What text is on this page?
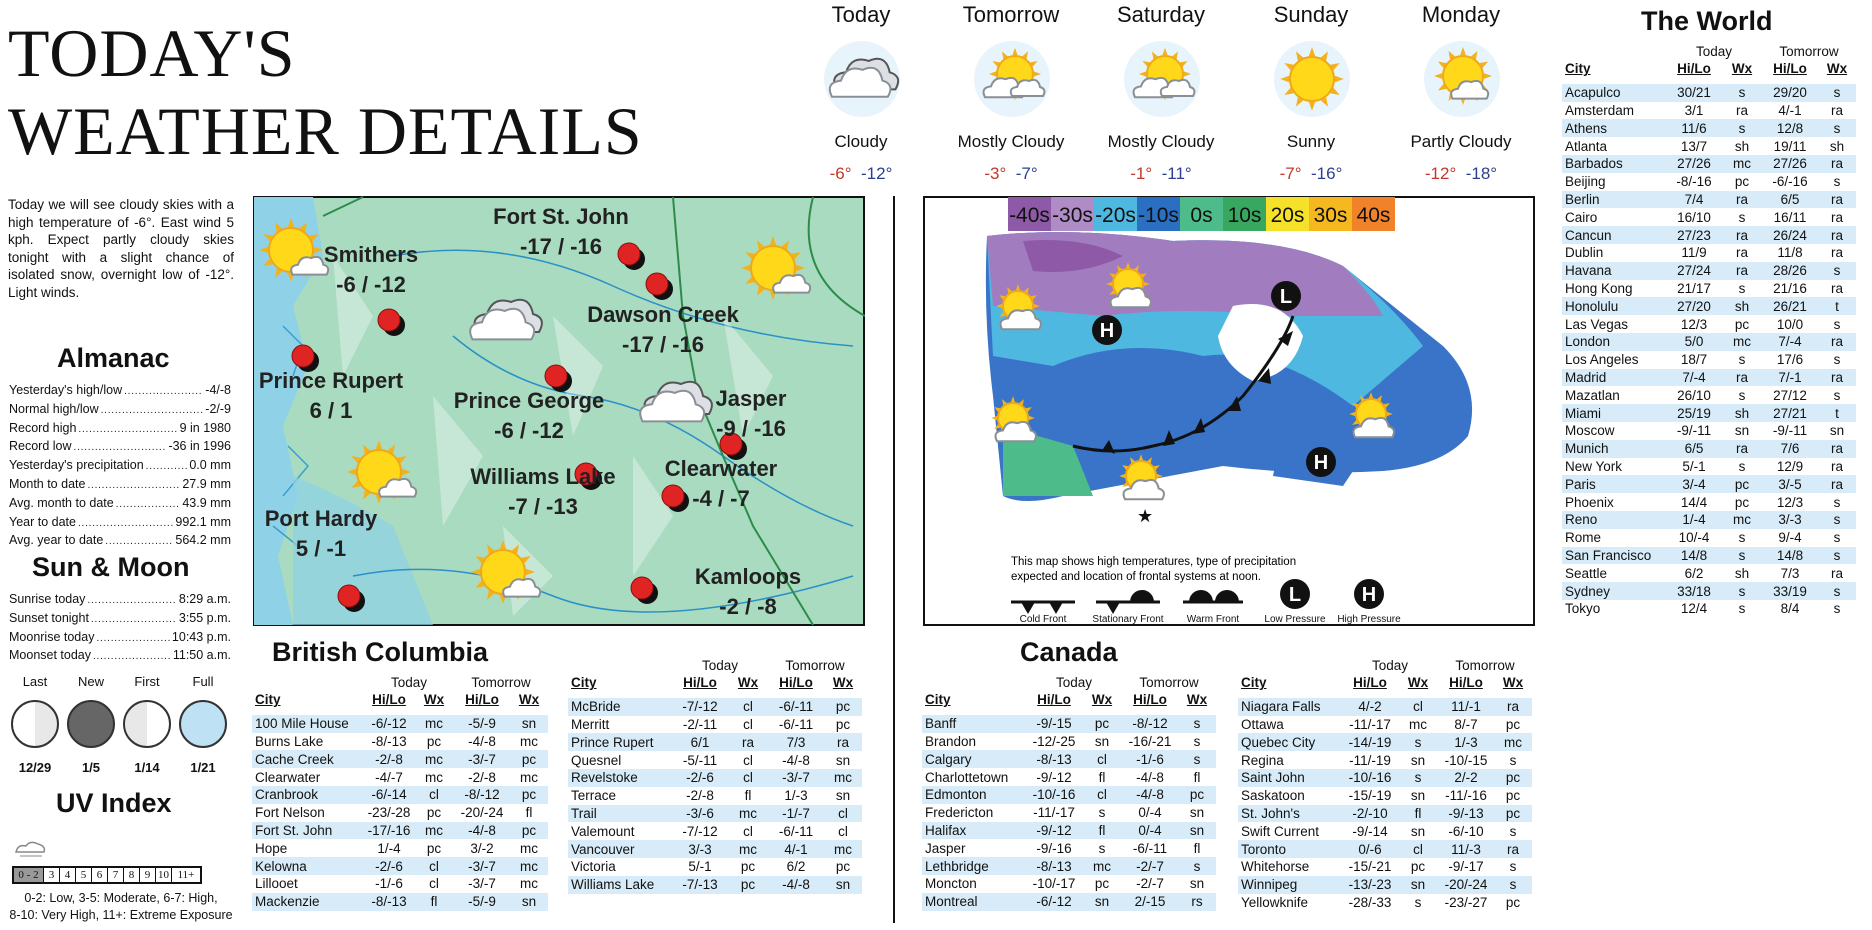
TODAY'S
WEATHER DETAILS
Today we will see cloudy skies with a high temperature of -6°. East wind 5 kph. Expect partly cloudy skies tonight with a slight chance of isolated snow, overnight low of -12°. Light winds.
Almanac
Yesterday's high/low . . .	-4/-8
Normal high/low . . .	-2/-9
Record high . . .	9 in 1980
Record low . . .	-36 in 1996
Yesterday's precipitation . . .	0.0 mm
Month to date . . .	27.9 mm
Avg. month to date . . .	43.9 mm
Year to date . . .	992.1 mm
Avg. year to date . . .	564.2 mm
Sun & Moon
Sunrise today . . .	8:29 a.m.
Sunset tonight . . .	3:55 p.m.
Moonrise today . . .	10:43 p.m.
Moonset today . . .	11:50 a.m.
Last
12/29
New
1/5
First
1/14
Full
1/21
UV Index
0 - 2 3 4 5 6 7 8 9 10 11+
0-2: Low, 3-5: Moderate, 6-7: High,
8-10: Very High, 11+: Extreme Exposure
Today
Cloudy
-6° -12°
Tomorrow
Mostly Cloudy
-3° -7°
Saturday
Mostly Cloudy
-1° -11°
Sunday
Sunny
-7° -16°
Monday
Partly Cloudy
-12° -18°
Fort St. John
-17 / -16
Smithers
-6 / -12
Dawson Creek
-17 / -16
Prince Rupert
6 / 1	Prince George
-6 / -12
Jasper
-9 / -16
Williams Lake
-7 / -13
Clearwater
-4 / -7
Port Hardy
5 / -1
Kamloops
-2 / -8
-40s -30s -20s -10s 0s 10s 20s 30s 40s
H
L
H
★
This map shows high temperatures, type of precipitation
expected and location of frontal systems at noon.
Cold Front	Stationary Front Warm Front
L
Low Pressure
H
High Pressure
British Columbia
	Today		Tomorrow	
City	Hi/Lo	Wx	Hi/Lo	Wx

100 Mile House	-6/-12	mc	-5/-9	sn
Burns Lake	-8/-13	pc	-4/-8	mc
Cache Creek	-2/-8	mc	-3/-7	pc
Clearwater	-4/-7	mc	-2/-8	mc
Cranbrook	-6/-14	cl	-8/-12	pc
Fort Nelson	-23/-28	pc	-20/-24	fl
Fort St. John	-17/-16	mc	-4/-8	pc
Hope	1/-4	pc	3/-2	mc
Kelowna	-2/-6	cl	-3/-7	mc
Lillooet	-1/-6	cl	-3/-7	mc
Mackenzie	-8/-13	fl	-5/-9	sn
	Today		Tomorrow	
City	Hi/Lo	Wx	Hi/Lo	Wx

McBride	-7/-12	cl	-6/-11	pc
Merritt	-2/-11	cl	-6/-11	pc
Prince Rupert	6/1	ra	7/3	ra
Quesnel	-5/-11	cl	-4/-8	sn
Revelstoke	-2/-6	cl	-3/-7	mc
Terrace	-2/-8	fl	1/-3	sn
Trail	-3/-6	mc	-1/-7	cl
Valemount	-7/-12	cl	-6/-11	cl
Vancouver	3/-3	mc	4/-1	mc
Victoria	5/-1	pc	6/2	pc
Williams Lake	-7/-13	pc	-4/-8	sn
Canada
	Today		Tomorrow	
City	Hi/Lo	Wx	Hi/Lo	Wx

Banff	-9/-15	pc	-8/-12	s
Brandon	-12/-25	sn	-16/-21	s
Calgary	-8/-13	cl	-1/-6	s
Charlottetown	-9/-12	fl	-4/-8	fl
Edmonton	-10/-16	cl	-4/-8	pc
Fredericton	-11/-17	s	0/-4	sn
Halifax	-9/-12	fl	0/-4	sn
Jasper	-9/-16	s	-6/-11	fl
Lethbridge	-8/-13	mc	-2/-7	s
Moncton	-10/-17	pc	-2/-7	sn
Montreal	-6/-12	sn	2/-15	rs
	Today		Tomorrow	
City	Hi/Lo	Wx	Hi/Lo	Wx

Niagara Falls	4/-2	cl	11/-1	ra
Ottawa	-11/-17	mc	8/-7	pc
Quebec City	-14/-19	s	1/-3	mc
Regina	-11/-19	sn	-10/-15	s
Saint John	-10/-16	s	2/-2	pc
Saskatoon	-15/-19	sn	-11/-16	pc
St. John's	-2/-10	fl	-9/-13	pc
Swift Current	-9/-14	sn	-6/-10	s
Toronto	0/-6	cl	11/-3	ra
Whitehorse	-15/-21	pc	-9/-17	s
Winnipeg	-13/-23	sn	-20/-24	s
Yellowknife	-28/-33	s	-23/-27	pc
The World
	Today		Tomorrow	
City	Hi/Lo	Wx	Hi/Lo	Wx

Acapulco	30/21	s	29/20	s
Amsterdam	3/1	ra	4/-1	ra
Athens	11/6	s	12/8	s
Atlanta	13/7	sh	19/11	sh
Barbados	27/26	mc	27/26	ra
Beijing	-8/-16	pc	-6/-16	s
Berlin	7/4	ra	6/5	ra
Cairo	16/10	s	16/11	ra
Cancun	27/23	ra	26/24	ra
Dublin	11/9	ra	11/8	ra
Havana	27/24	ra	28/26	s
Hong Kong	21/17	s	21/16	ra
Honolulu	27/20	sh	26/21	t
Las Vegas	12/3	pc	10/0	s
London	5/0	mc	7/-4	ra
Los Angeles	18/7	s	17/6	s
Madrid	7/-4	ra	7/-1	ra
Mazatlan	26/10	s	27/12	s
Miami	25/19	sh	27/21	t
Moscow	-9/-11	sn	-9/-11	sn
Munich	6/5	ra	7/6	ra
New York	5/-1	s	12/9	ra
Paris	3/-4	pc	3/-5	ra
Phoenix	14/4	pc	12/3	s
Reno	1/-4	mc	3/-3	s
Rome	10/-4	s	9/-4	s
San Francisco	14/8	s	14/8	s
Seattle	6/2	sh	7/3	ra
Sydney	33/18	s	33/19	s
Tokyo	12/4	s	8/4	s
